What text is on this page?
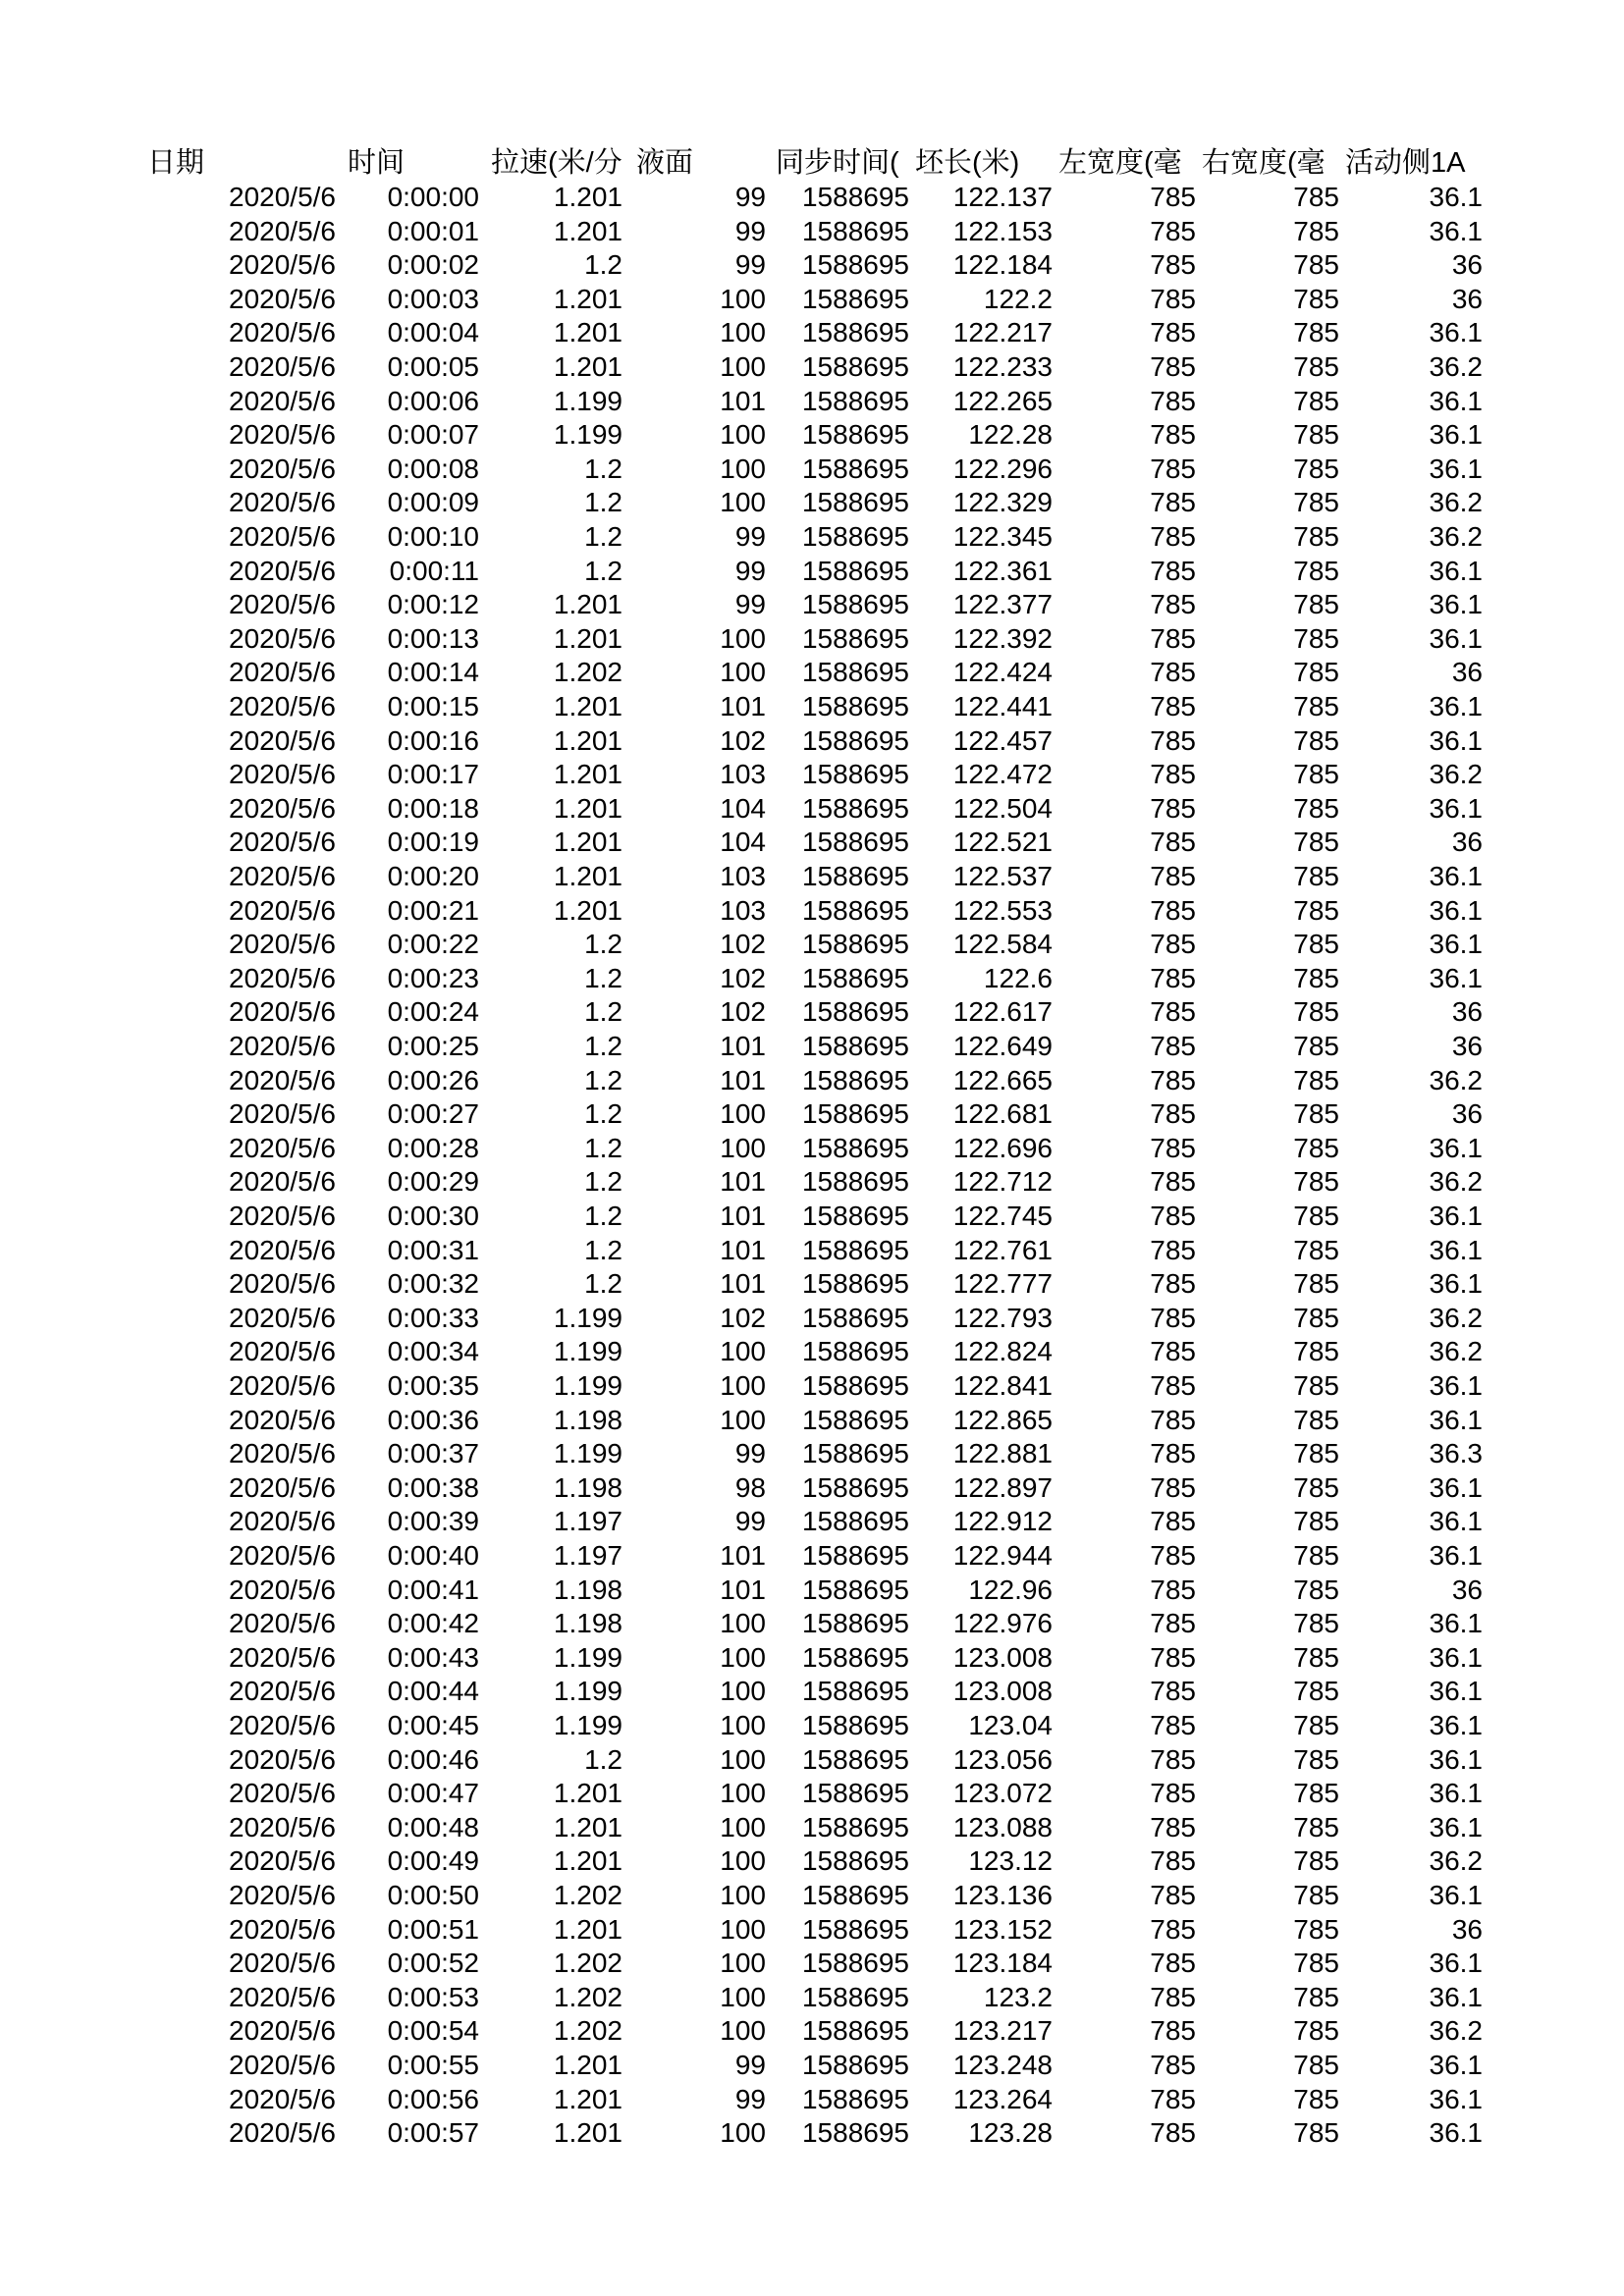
日期	时间	拉速(米/分 液面	同步时间( 坯长(米)	左宽度(毫 右宽度(毫 活动侧1A
2020/5/6	0:00:00	1.201	99	1588695	122.137	785	785	36.1
2020/5/6	0:00:01	1.201	99	1588695	122.153	785	785	36.1
2020/5/6	0:00:02	1.2	99	1588695	122.184	785	785	36
2020/5/6	0:00:03	1.201	100	1588695	122.2	785	785	36
2020/5/6	0:00:04	1.201	100	1588695	122.217	785	785	36.1
2020/5/6	0:00:05	1.201	100	1588695	122.233	785	785	36.2
2020/5/6	0:00:06	1.199	101	1588695	122.265	785	785	36.1
2020/5/6	0:00:07	1.199	100	1588695	122.28	785	785	36.1
2020/5/6	0:00:08	1.2	100	1588695	122.296	785	785	36.1
2020/5/6	0:00:09	1.2	100	1588695	122.329	785	785	36.2
2020/5/6	0:00:10	1.2	99	1588695	122.345	785	785	36.2
2020/5/6	0:00:11	1.2	99	1588695	122.361	785	785	36.1
2020/5/6	0:00:12	1.201	99	1588695	122.377	785	785	36.1
2020/5/6	0:00:13	1.201	100	1588695	122.392	785	785	36.1
2020/5/6	0:00:14	1.202	100	1588695	122.424	785	785	36
2020/5/6	0:00:15	1.201	101	1588695	122.441	785	785	36.1
2020/5/6	0:00:16	1.201	102	1588695	122.457	785	785	36.1
2020/5/6	0:00:17	1.201	103	1588695	122.472	785	785	36.2
2020/5/6	0:00:18	1.201	104	1588695	122.504	785	785	36.1
2020/5/6	0:00:19	1.201	104	1588695	122.521	785	785	36
2020/5/6	0:00:20	1.201	103	1588695	122.537	785	785	36.1
2020/5/6	0:00:21	1.201	103	1588695	122.553	785	785	36.1
2020/5/6	0:00:22	1.2	102	1588695	122.584	785	785	36.1
2020/5/6	0:00:23	1.2	102	1588695	122.6	785	785	36.1
2020/5/6	0:00:24	1.2	102	1588695	122.617	785	785	36
2020/5/6	0:00:25	1.2	101	1588695	122.649	785	785	36
2020/5/6	0:00:26	1.2	101	1588695	122.665	785	785	36.2
2020/5/6	0:00:27	1.2	100	1588695	122.681	785	785	36
2020/5/6	0:00:28	1.2	100	1588695	122.696	785	785	36.1
2020/5/6	0:00:29	1.2	101	1588695	122.712	785	785	36.2
2020/5/6	0:00:30	1.2	101	1588695	122.745	785	785	36.1
2020/5/6	0:00:31	1.2	101	1588695	122.761	785	785	36.1
2020/5/6	0:00:32	1.2	101	1588695	122.777	785	785	36.1
2020/5/6	0:00:33	1.199	102	1588695	122.793	785	785	36.2
2020/5/6	0:00:34	1.199	100	1588695	122.824	785	785	36.2
2020/5/6	0:00:35	1.199	100	1588695	122.841	785	785	36.1
2020/5/6	0:00:36	1.198	100	1588695	122.865	785	785	36.1
2020/5/6	0:00:37	1.199	99	1588695	122.881	785	785	36.3
2020/5/6	0:00:38	1.198	98	1588695	122.897	785	785	36.1
2020/5/6	0:00:39	1.197	99	1588695	122.912	785	785	36.1
2020/5/6	0:00:40	1.197	101	1588695	122.944	785	785	36.1
2020/5/6	0:00:41	1.198	101	1588695	122.96	785	785	36
2020/5/6	0:00:42	1.198	100	1588695	122.976	785	785	36.1
2020/5/6	0:00:43	1.199	100	1588695	123.008	785	785	36.1
2020/5/6	0:00:44	1.199	100	1588695	123.008	785	785	36.1
2020/5/6	0:00:45	1.199	100	1588695	123.04	785	785	36.1
2020/5/6	0:00:46	1.2	100	1588695	123.056	785	785	36.1
2020/5/6	0:00:47	1.201	100	1588695	123.072	785	785	36.1
2020/5/6	0:00:48	1.201	100	1588695	123.088	785	785	36.1
2020/5/6	0:00:49	1.201	100	1588695	123.12	785	785	36.2
2020/5/6	0:00:50	1.202	100	1588695	123.136	785	785	36.1
2020/5/6	0:00:51	1.201	100	1588695	123.152	785	785	36
2020/5/6	0:00:52	1.202	100	1588695	123.184	785	785	36.1
2020/5/6	0:00:53	1.202	100	1588695	123.2	785	785	36.1
2020/5/6	0:00:54	1.202	100	1588695	123.217	785	785	36.2
2020/5/6	0:00:55	1.201	99	1588695	123.248	785	785	36.1
2020/5/6	0:00:56	1.201	99	1588695	123.264	785	785	36.1
2020/5/6	0:00:57	1.201	100	1588695	123.28	785	785	36.1
